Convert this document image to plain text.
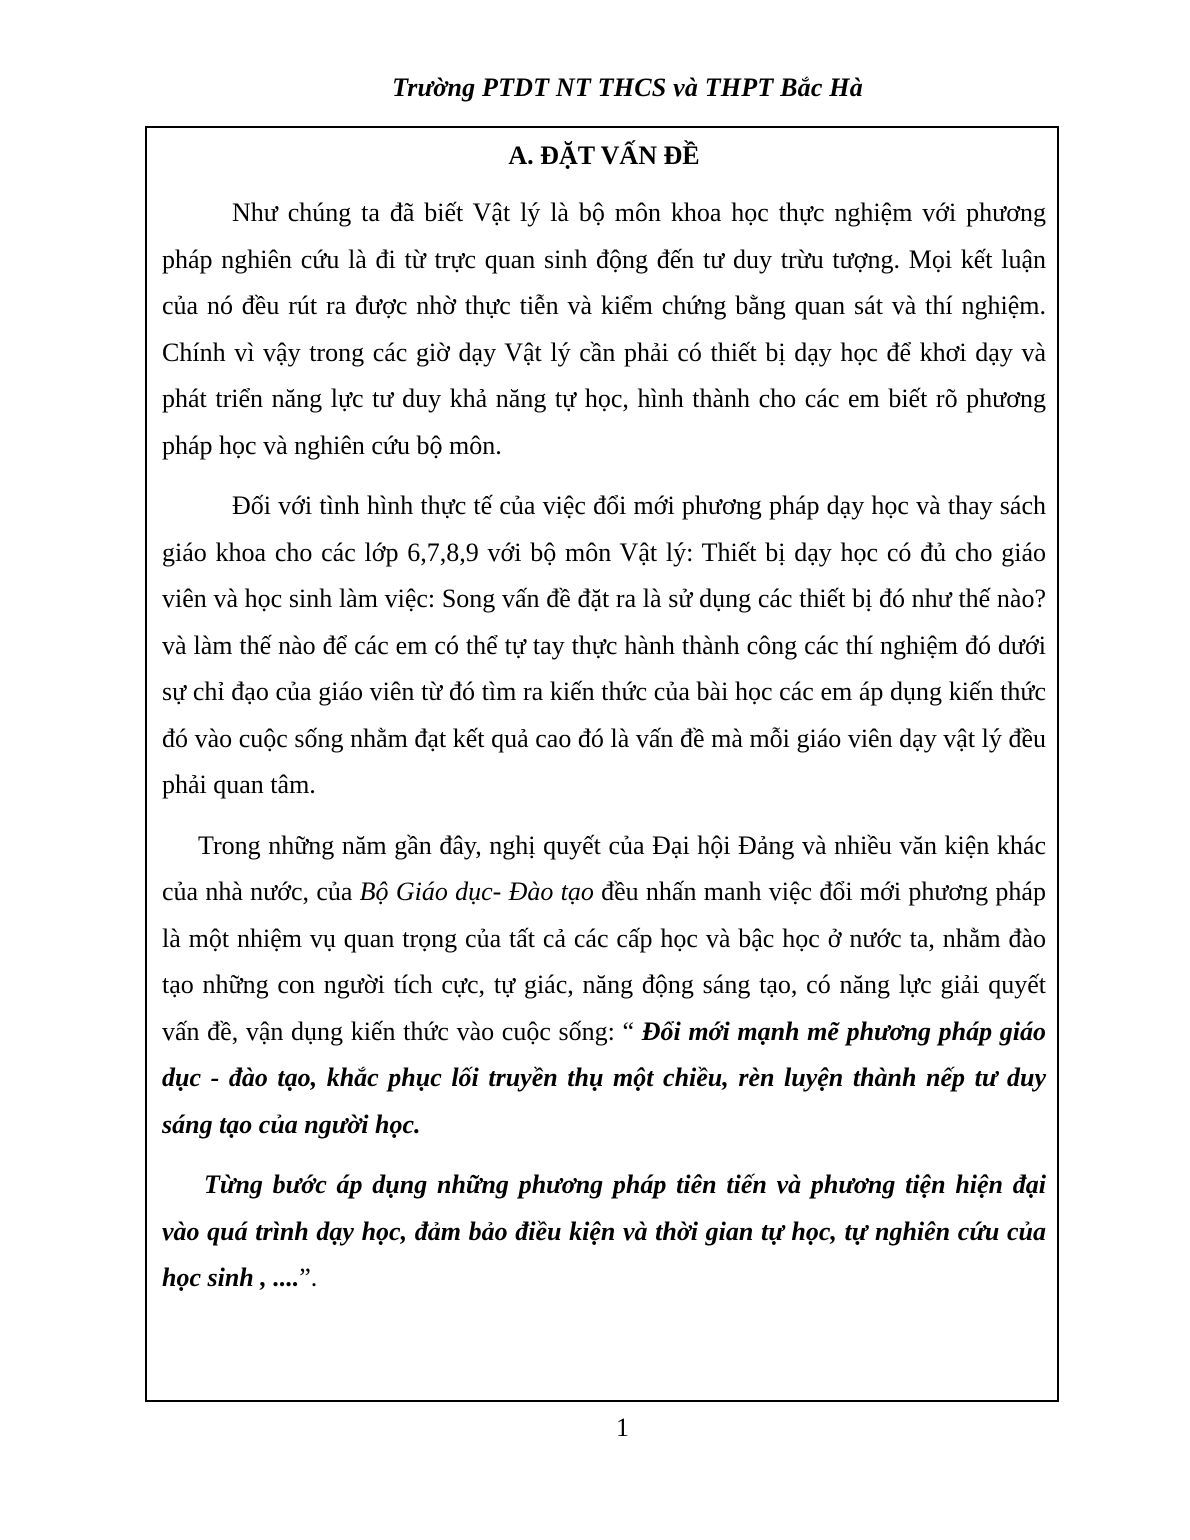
Trường PTDT NT THCS và THPT Bắc Hà
A. ĐẶT VẤN ĐỀ

Như chúng ta đã biết Vật lý là bộ môn khoa học thực nghiệm với phương pháp nghiên cứu là đi từ trực quan sinh động đến tư duy trừu tượng. Mọi kết luận của nó đều rút ra được nhờ thực tiễn và kiểm chứng bằng quan sát và thí nghiệm. Chính vì vậy trong các giờ dạy Vật lý cần phải có thiết bị dạy học để khơi dạy và phát triển năng lực tư duy khả năng tự học, hình thành cho các em biết rõ phương pháp học và nghiên cứu bộ môn.

Đối với tình hình thực tế của việc đổi mới phương pháp dạy học và thay sách giáo khoa cho các lớp 6,7,8,9 với bộ môn Vật lý: Thiết bị dạy học có đủ cho giáo viên và học sinh làm việc: Song vấn đề đặt ra là sử dụng các thiết bị đó như thế nào? và làm thế nào để các em có thể tự tay thực hành thành công các thí nghiệm đó dưới sự chỉ đạo của giáo viên từ đó tìm ra kiến thức của bài học các em áp dụng kiến thức đó vào cuộc sống nhằm đạt kết quả cao đó là vấn đề mà mỗi giáo viên dạy vật lý đều phải quan tâm.

Trong những năm gần đây, nghị quyết của Đại hội Đảng và nhiều văn kiện khác của nhà nước, của Bộ Giáo dục- Đào tạo đều nhấn manh việc đổi mới phương pháp là một nhiệm vụ quan trọng của tất cả các cấp học và bậc học ở nước ta, nhằm đào tạo những con người tích cực, tự giác, năng động sáng tạo, có năng lực giải quyết vấn đề, vận dụng kiến thức vào cuộc sống: “ Đổi mới mạnh mẽ phương pháp giáo dục - đào tạo, khắc phục lối truyền thụ một chiều, rèn luyện thành nếp tư duy sáng tạo của người học.

Từng bước áp dụng những phương pháp tiên tiến và phương tiện hiện đại vào quá trình dạy học, đảm bảo điều kiện và thời gian tự học, tự nghiên cứu của học sinh , ....”.

1
